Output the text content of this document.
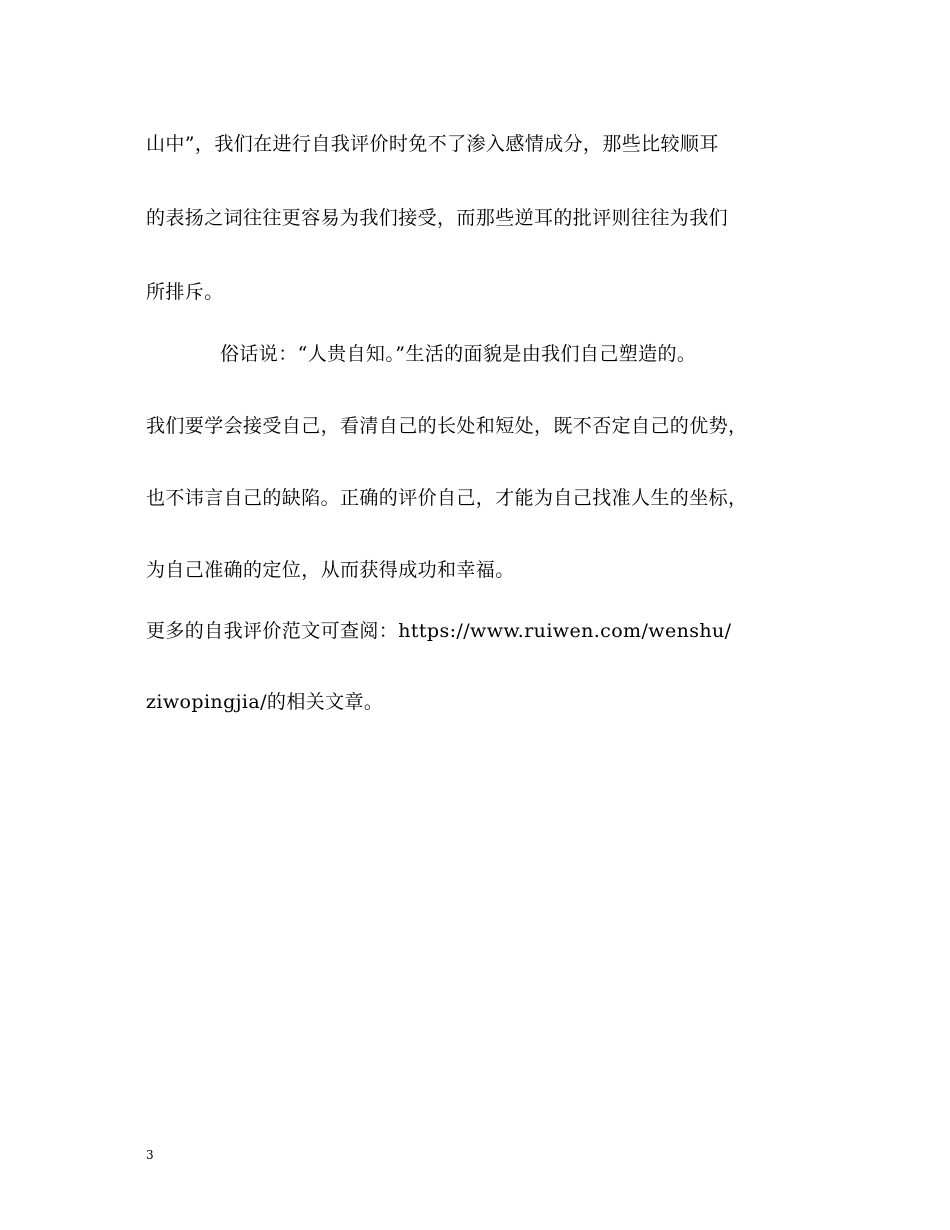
山中”，我们在进行自我评价时免不了渗入感情成分，那些比较顺耳
的表扬之词往往更容易为我们接受，而那些逆耳的批评则往往为我们
所排斥。
俗话说：“人贵自知。”生活的面貌是由我们自己塑造的。
我们要学会接受自己，看清自己的长处和短处，既不否定自己的优势，
也不讳言自己的缺陷。正确的评价自己，才能为自己找准人生的坐标，
为自己准确的定位，从而获得成功和幸福。
更多的自我评价范文可查阅：https://www.ruiwen.com/wenshu/
ziwopingjia/的相关文章。
3
